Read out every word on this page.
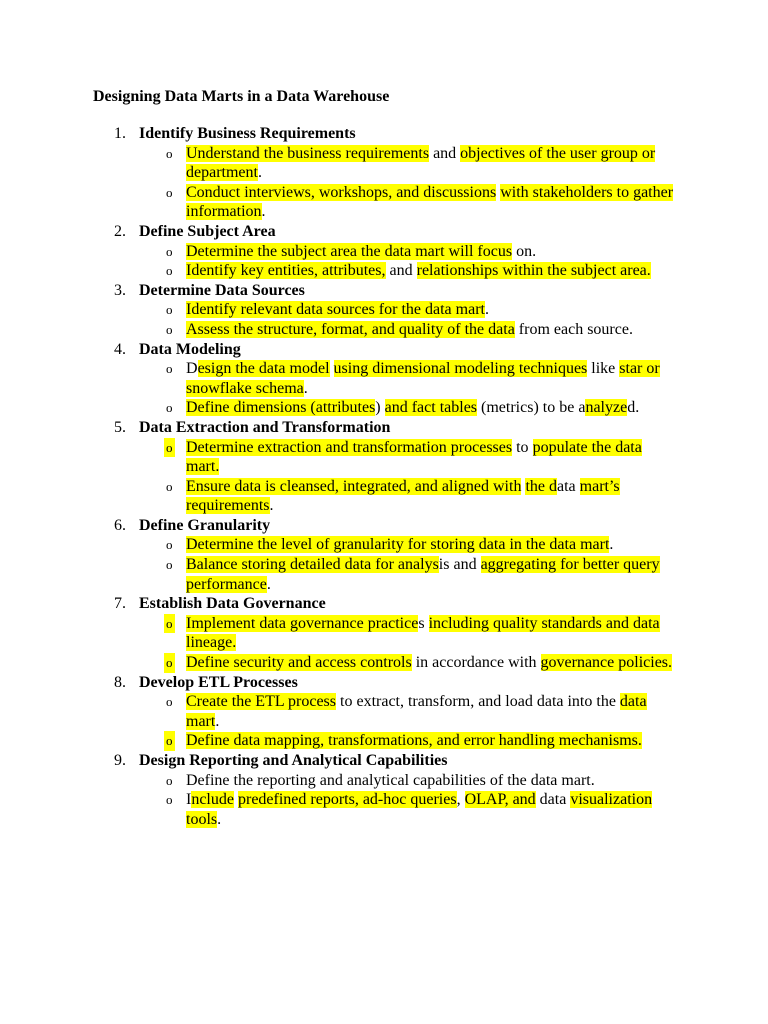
Designing Data Marts in a Data Warehouse
1. Identify Business Requirements
o Understand the business requirements and objectives of the user group or department.
o Conduct interviews, workshops, and discussions with stakeholders to gather information.
2. Define Subject Area
o Determine the subject area the data mart will focus on.
o Identify key entities, attributes, and relationships within the subject area.
3. Determine Data Sources
o Identify relevant data sources for the data mart.
o Assess the structure, format, and quality of the data from each source.
4. Data Modeling
o Design the data model using dimensional modeling techniques like star or snowflake schema.
o Define dimensions (attributes) and fact tables (metrics) to be analyzed.
5. Data Extraction and Transformation
o Determine extraction and transformation processes to populate the data mart.
o Ensure data is cleansed, integrated, and aligned with the data mart’s requirements.
6. Define Granularity
o Determine the level of granularity for storing data in the data mart.
o Balance storing detailed data for analysis and aggregating for better query performance.
7. Establish Data Governance
o Implement data governance practices including quality standards and data lineage.
o Define security and access controls in accordance with governance policies.
8. Develop ETL Processes
o Create the ETL process to extract, transform, and load data into the data mart.
o Define data mapping, transformations, and error handling mechanisms.
9. Design Reporting and Analytical Capabilities
o Define the reporting and analytical capabilities of the data mart.
o Include predefined reports, ad-hoc queries, OLAP, and data visualization tools.
